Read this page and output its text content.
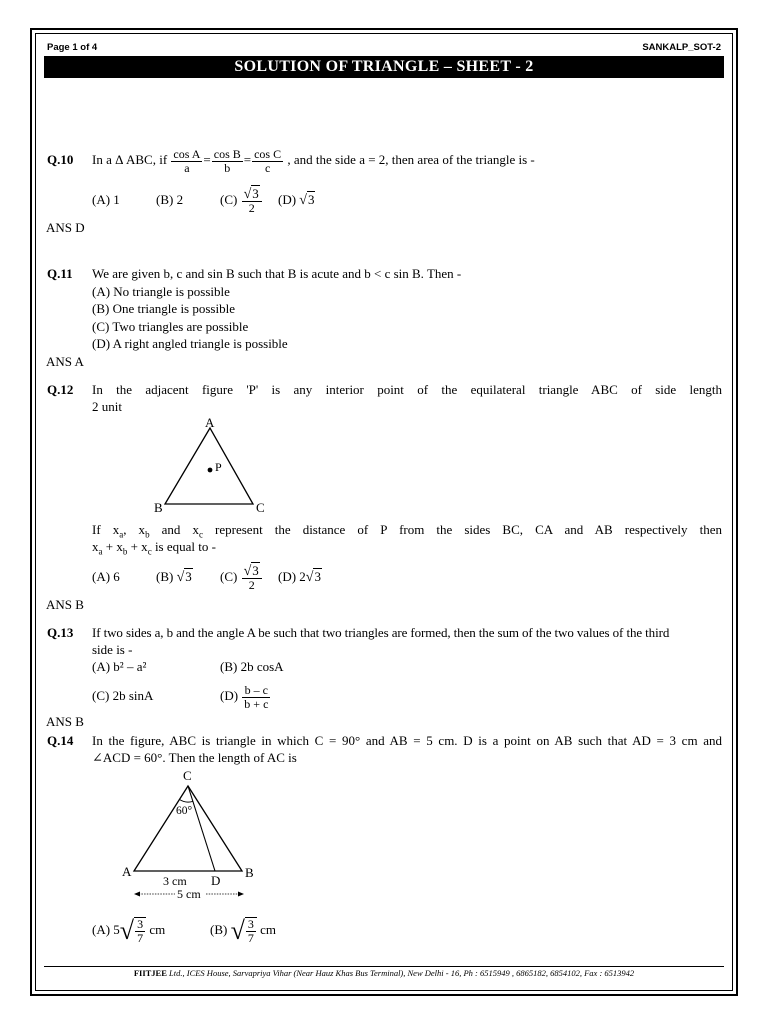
Page 1 of 4	SANKALP_SOT-2
SOLUTION OF TRIANGLE – SHEET - 2
Q.10 In a Δ ABC, if $\frac{\text{cos A}}{a} = \frac{\text{cos B}}{b} = \frac{\text{cos C}}{c}$ , and the side a = 2, then area of the triangle is -
(A) 1	(B) 2	$(C) \frac{√3}{2} (D)$ √3
ANS D
Q.11 We are given b, c and sin B such that B is acute and b < c sin B. Then -
(A) No triangle is possible
(B) One triangle is possible
(C) Two triangles are possible
(D) A right angled triangle is possible
ANS A
Q.12 In the adjacent figure 'P' is any interior point of the equilateral triangle ABC of side length
2 unit
A
B	C
P
If $x_a$, $x_b$ and $x_c$ represent the distance of P from the sides BC, CA and AB respectively then
$x_a + x_b + x_c$ is equal to -
(A) 6	(B) √3 $(C) \frac{√3}{2} (D)$ 2√3
ANS B
Q.13 If two sides a, b and the angle A be such that two triangles are formed, then the sum of the two values of the third
side is -
(A) b² – a²	(B) 2b cosA
(C) 2b sinA	$(D) \frac{b - c}{b + c}$
ANS B
Q.14 In the figure, ABC is triangle in which C = 90° and AB = 5 cm. D is a point on AB such that AD = 3 cm and
∠ACD = 60°. Then the length of AC is
C
A	B
D
60°
3 cm
5 cm
(A) $5√ \frac{3}{7}$ cm	(B) √ $\frac{3}{7}$ cm
FIITJEE Ltd., ICES House, Sarvapriya Vihar (Near Hauz Khas Bus Terminal), New Delhi - 16, Ph : 6515949 , 6865182, 6854102, Fax : 6513942
